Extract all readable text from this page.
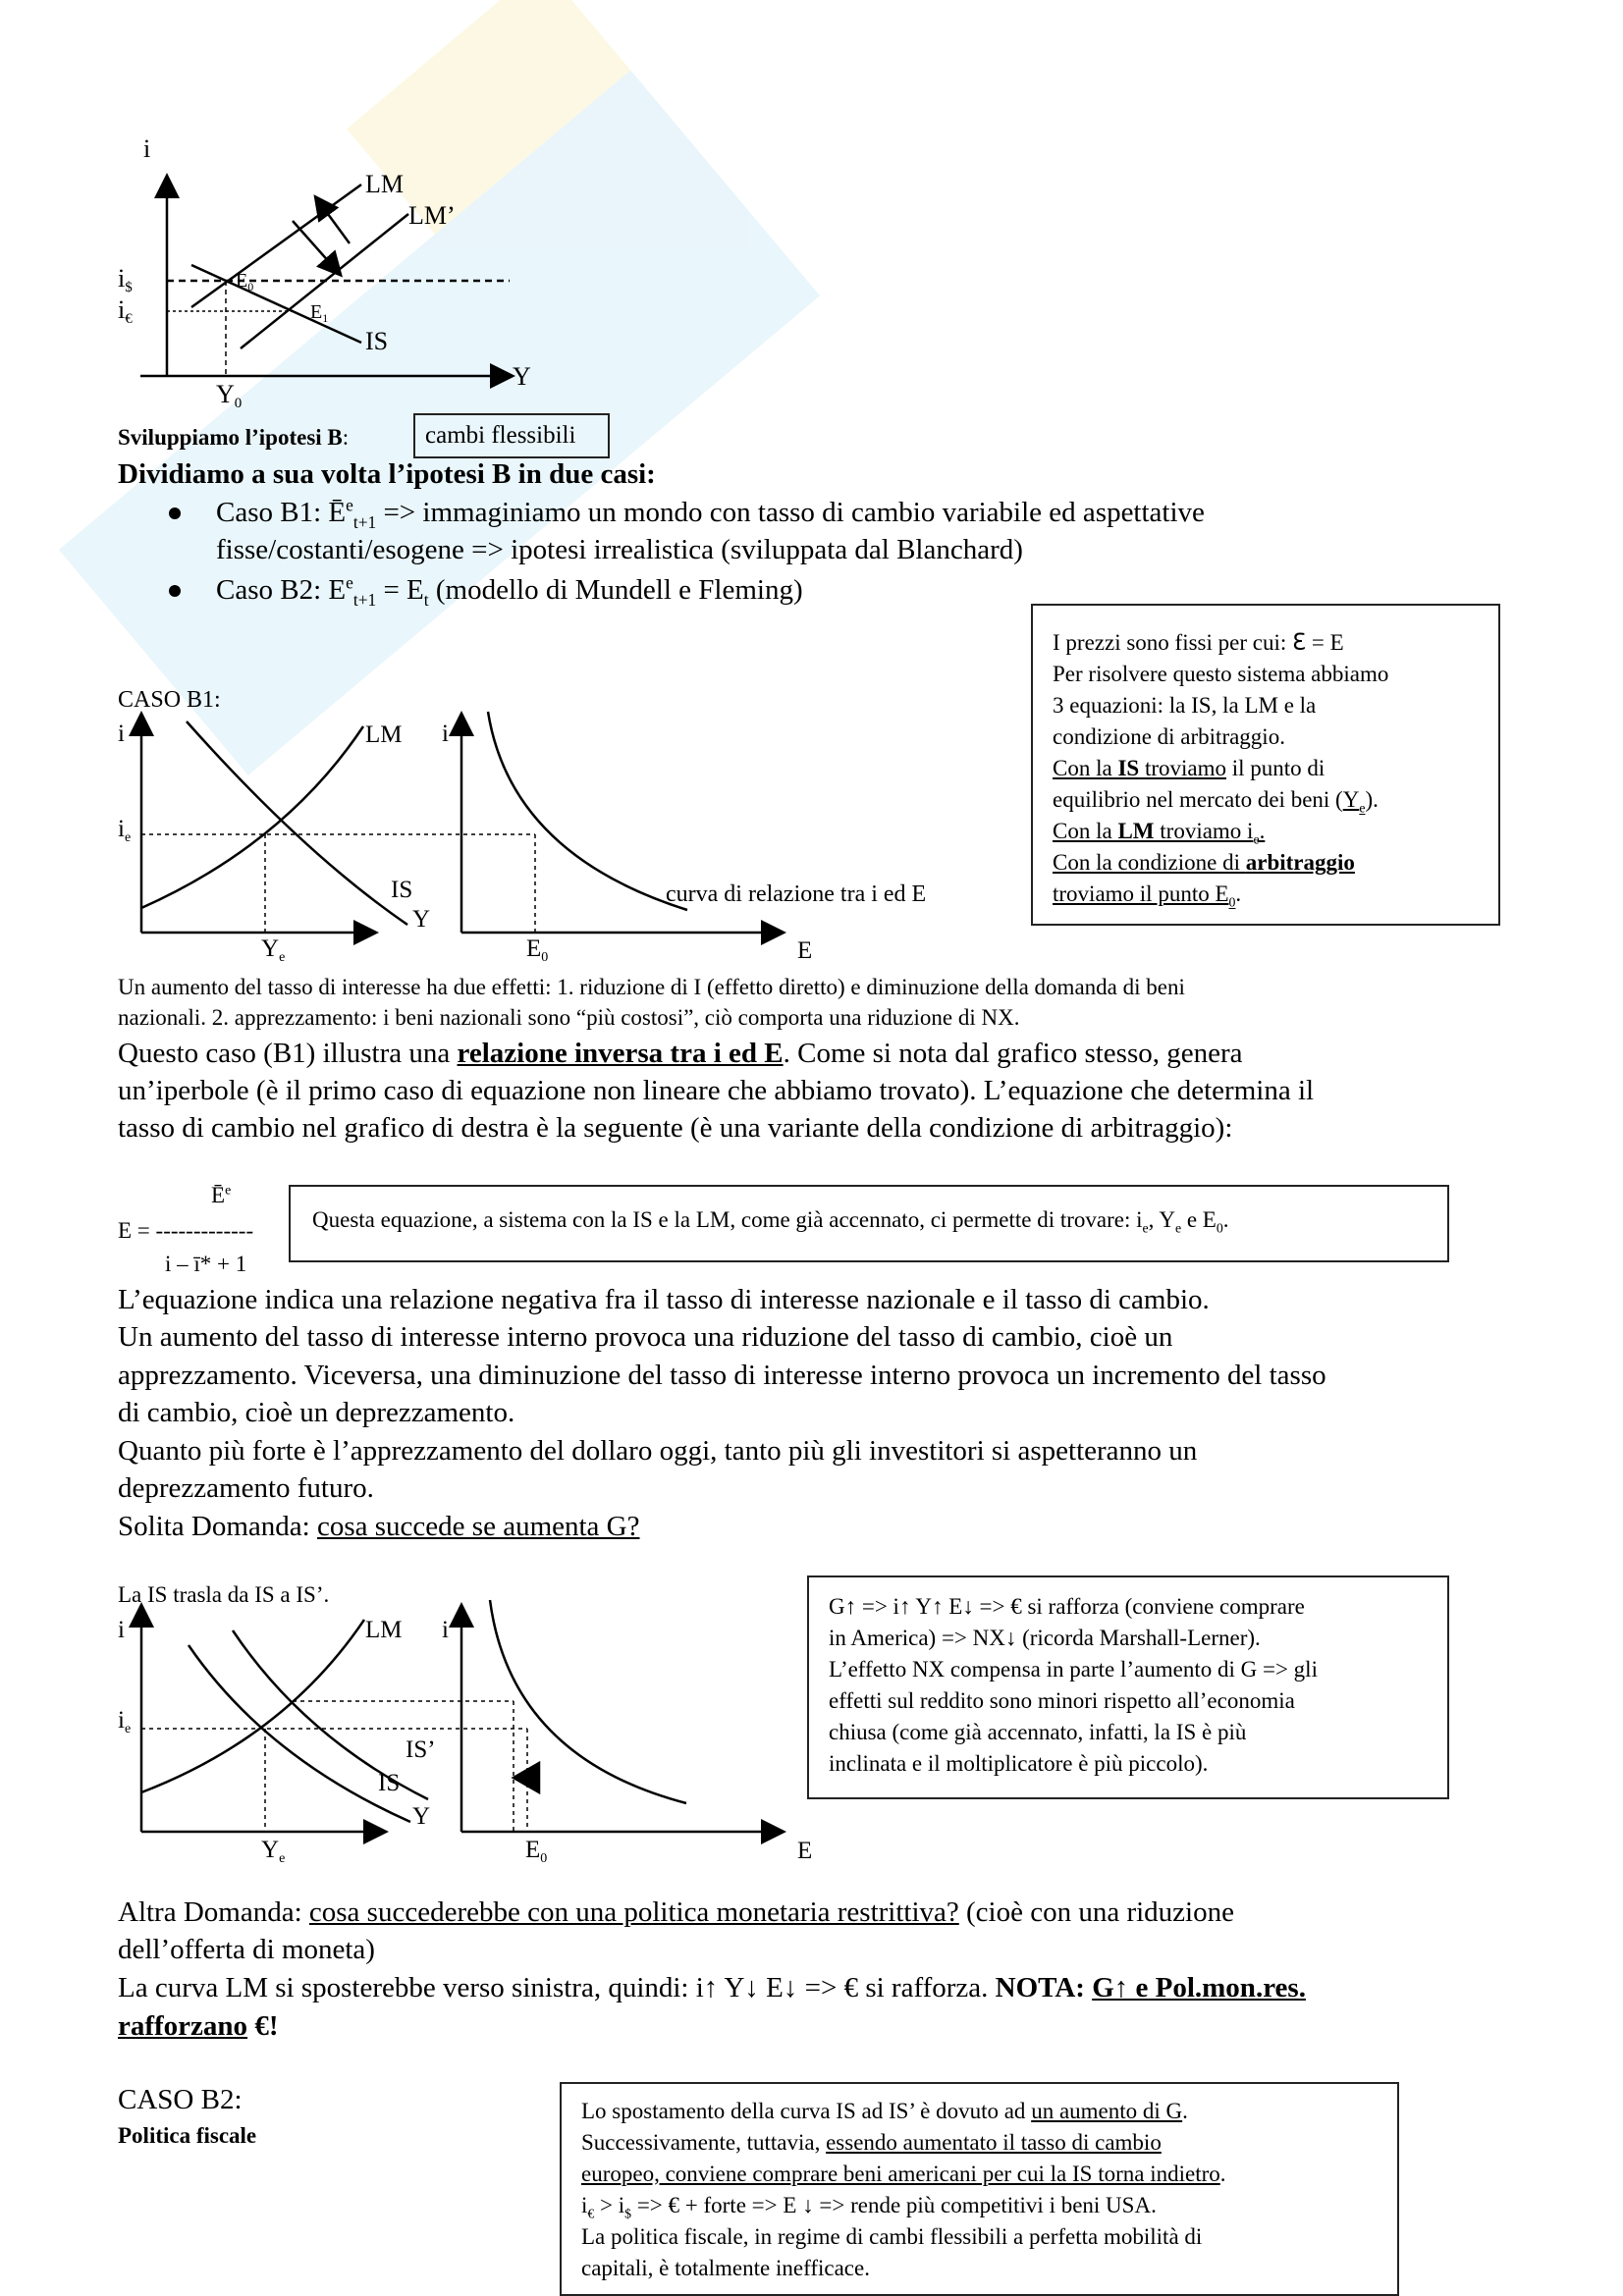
i
LM
LM’
i$
i€
$E_0$
$E_1$
IS
Y
Y0
CASO B1:
i	LM
$i_e$
IS
Y
$Y_e$
i
$E_0$	E
curva di relazione tra i ed E
La IS trasla da IS a IS’.
i	LM
$i_e$
IS’
IS
Y
$Y_e$
i
$E_0$	E
Sviluppiamo l’ipotesi B:	cambi flessibili
Dividiamo a sua volta l’ipotesi B in due casi:
Caso B1: $Ē^e_{t+1}$ => immaginiamo un mondo con tasso di cambio variabile ed aspettative
fisse/costanti/esogene => ipotesi irrealistica (sviluppata dal Blanchard)
Caso B2: $E^e_{t+1} = E_t$ (modello di Mundell e Fleming)
I prezzi sono fissi per cui: ℇ = E
Per risolvere questo sistema abbiamo
3 equazioni: la IS, la LM e la
condizione di arbitraggio.
Con la IS troviamo il punto di
equilibrio nel mercato dei beni $(Y_e)$.
Con la LM troviamo $i_e$.
Con la condizione di arbitraggio
troviamo il punto $E_0$.
Un aumento del tasso di interesse ha due effetti: 1. riduzione di I (effetto diretto) e diminuzione della domanda di beni
nazionali. 2. apprezzamento: i beni nazionali sono “più costosi”, ciò comporta una riduzione di NX.
Questo caso (B1) illustra una relazione inversa tra i ed E. Come si nota dal grafico stesso, genera
un’iperbole (è il primo caso di equazione non lineare che abbiamo trovato). L’equazione che determina il
tasso di cambio nel grafico di destra è la seguente (è una variante della condizione di arbitraggio):
$Ē^e$
E = -------------
i – ī* + 1
Questa equazione, a sistema con la IS e la LM, come già accennato, ci permette di trovare: $i_e$, $Y_e$ e $E_0$.
L’equazione indica una relazione negativa fra il tasso di interesse nazionale e il tasso di cambio.
Un aumento del tasso di interesse interno provoca una riduzione del tasso di cambio, cioè un
apprezzamento. Viceversa, una diminuzione del tasso di interesse interno provoca un incremento del tasso
di cambio, cioè un deprezzamento.
Quanto più forte è l’apprezzamento del dollaro oggi, tanto più gli investitori si aspetteranno un
deprezzamento futuro.
Solita Domanda: cosa succede se aumenta G?
G↑ => i↑ Y↑ E↓ => € si rafforza (conviene comprare
in America) => NX↓ (ricorda Marshall-Lerner).
L’effetto NX compensa in parte l’aumento di G => gli
effetti sul reddito sono minori rispetto all’economia
chiusa (come già accennato, infatti, la IS è più
inclinata e il moltiplicatore è più piccolo).
Altra Domanda: cosa succederebbe con una politica monetaria restrittiva? (cioè con una riduzione
dell’offerta di moneta)
La curva LM si sposterebbe verso sinistra, quindi: i↑ Y↓ E↓ => € si rafforza. NOTA: G↑ e Pol.mon.res.
rafforzano €!
CASO B2:
Politica fiscale
Lo spostamento della curva IS ad IS’ è dovuto ad un aumento di G.
Successivamente, tuttavia, essendo aumentato il tasso di cambio
europeo, conviene comprare beni americani per cui la IS torna indietro.
$i_€ > i_{\$}$ => € + forte => E ↓ => rende più competitivi i beni USA.
La politica fiscale, in regime di cambi flessibili a perfetta mobilità di
capitali, è totalmente inefficace.
